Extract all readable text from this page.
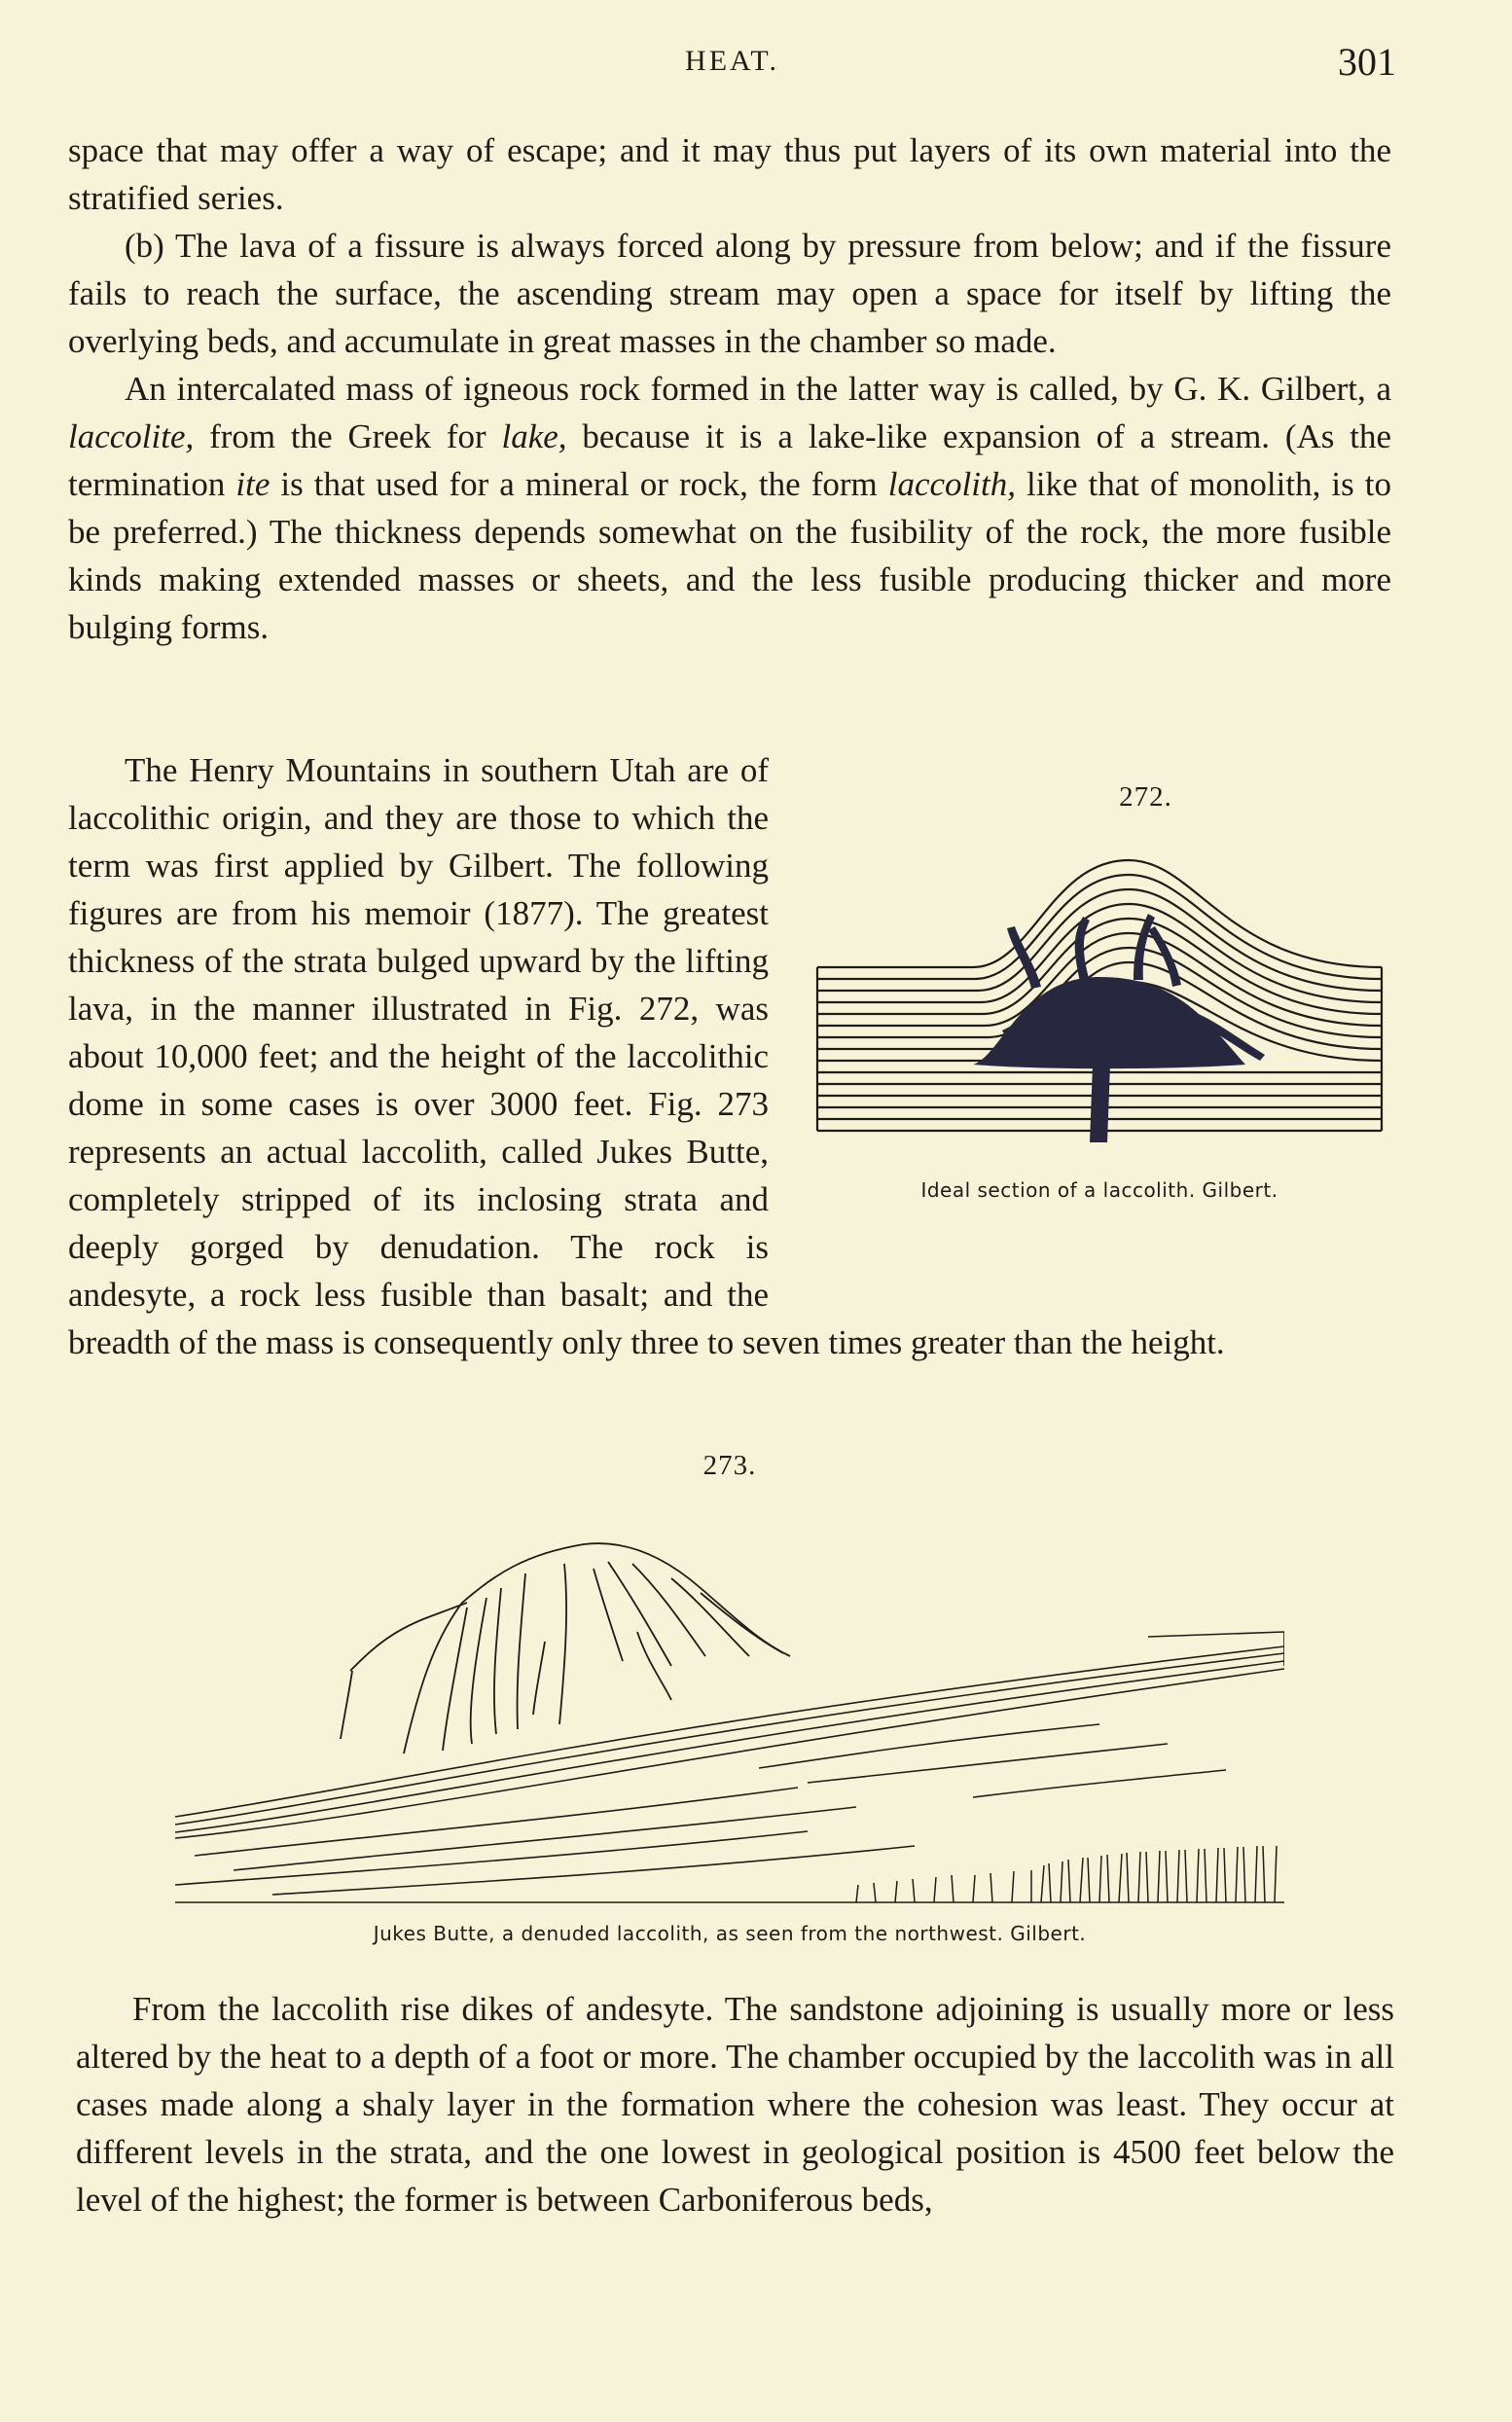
HEAT.	301

space that may offer a way of escape; and it may thus put layers of its own material into the stratified series.

(b) The lava of a fissure is always forced along by pressure from below; and if the fissure fails to reach the surface, the ascending stream may open a space for itself by lifting the overlying beds, and accumulate in great masses in the chamber so made.

An intercalated mass of igneous rock formed in the latter way is called, by G. K. Gilbert, a laccolite, from the Greek for lake, because it is a lake-like expansion of a stream. (As the termination ite is that used for a mineral or rock, the form laccolith, like that of monolith, is to be preferred.) The thickness depends somewhat on the fusibility of the rock, the more fusible kinds making extended masses or sheets, and the less fusible producing thicker and more bulging forms.

272.
Ideal section of a laccolith. Gilbert.

The Henry Mountains in southern Utah are of laccolithic origin, and they are those to which the term was first applied by Gilbert. The following figures are from his memoir (1877). The greatest thickness of the strata bulged upward by the lifting lava, in the manner illustrated in Fig. 272, was about 10,000 feet; and the height of the laccolithic dome in some cases is over 3000 feet. Fig. 273 represents an actual laccolith, called Jukes Butte, completely stripped of its inclosing strata and deeply gorged by denudation. The rock is andesyte, a rock less fusible than basalt; and the breadth of the mass is consequently only three to seven times greater than the height.

273.
Jukes Butte, a denuded laccolith, as seen from the northwest. Gilbert.

From the laccolith rise dikes of andesyte. The sandstone adjoining is usually more or less altered by the heat to a depth of a foot or more. The chamber occupied by the laccolith was in all cases made along a shaly layer in the formation where the cohesion was least. They occur at different levels in the strata, and the one lowest in geological position is 4500 feet below the level of the highest; the former is between Carboniferous beds,
